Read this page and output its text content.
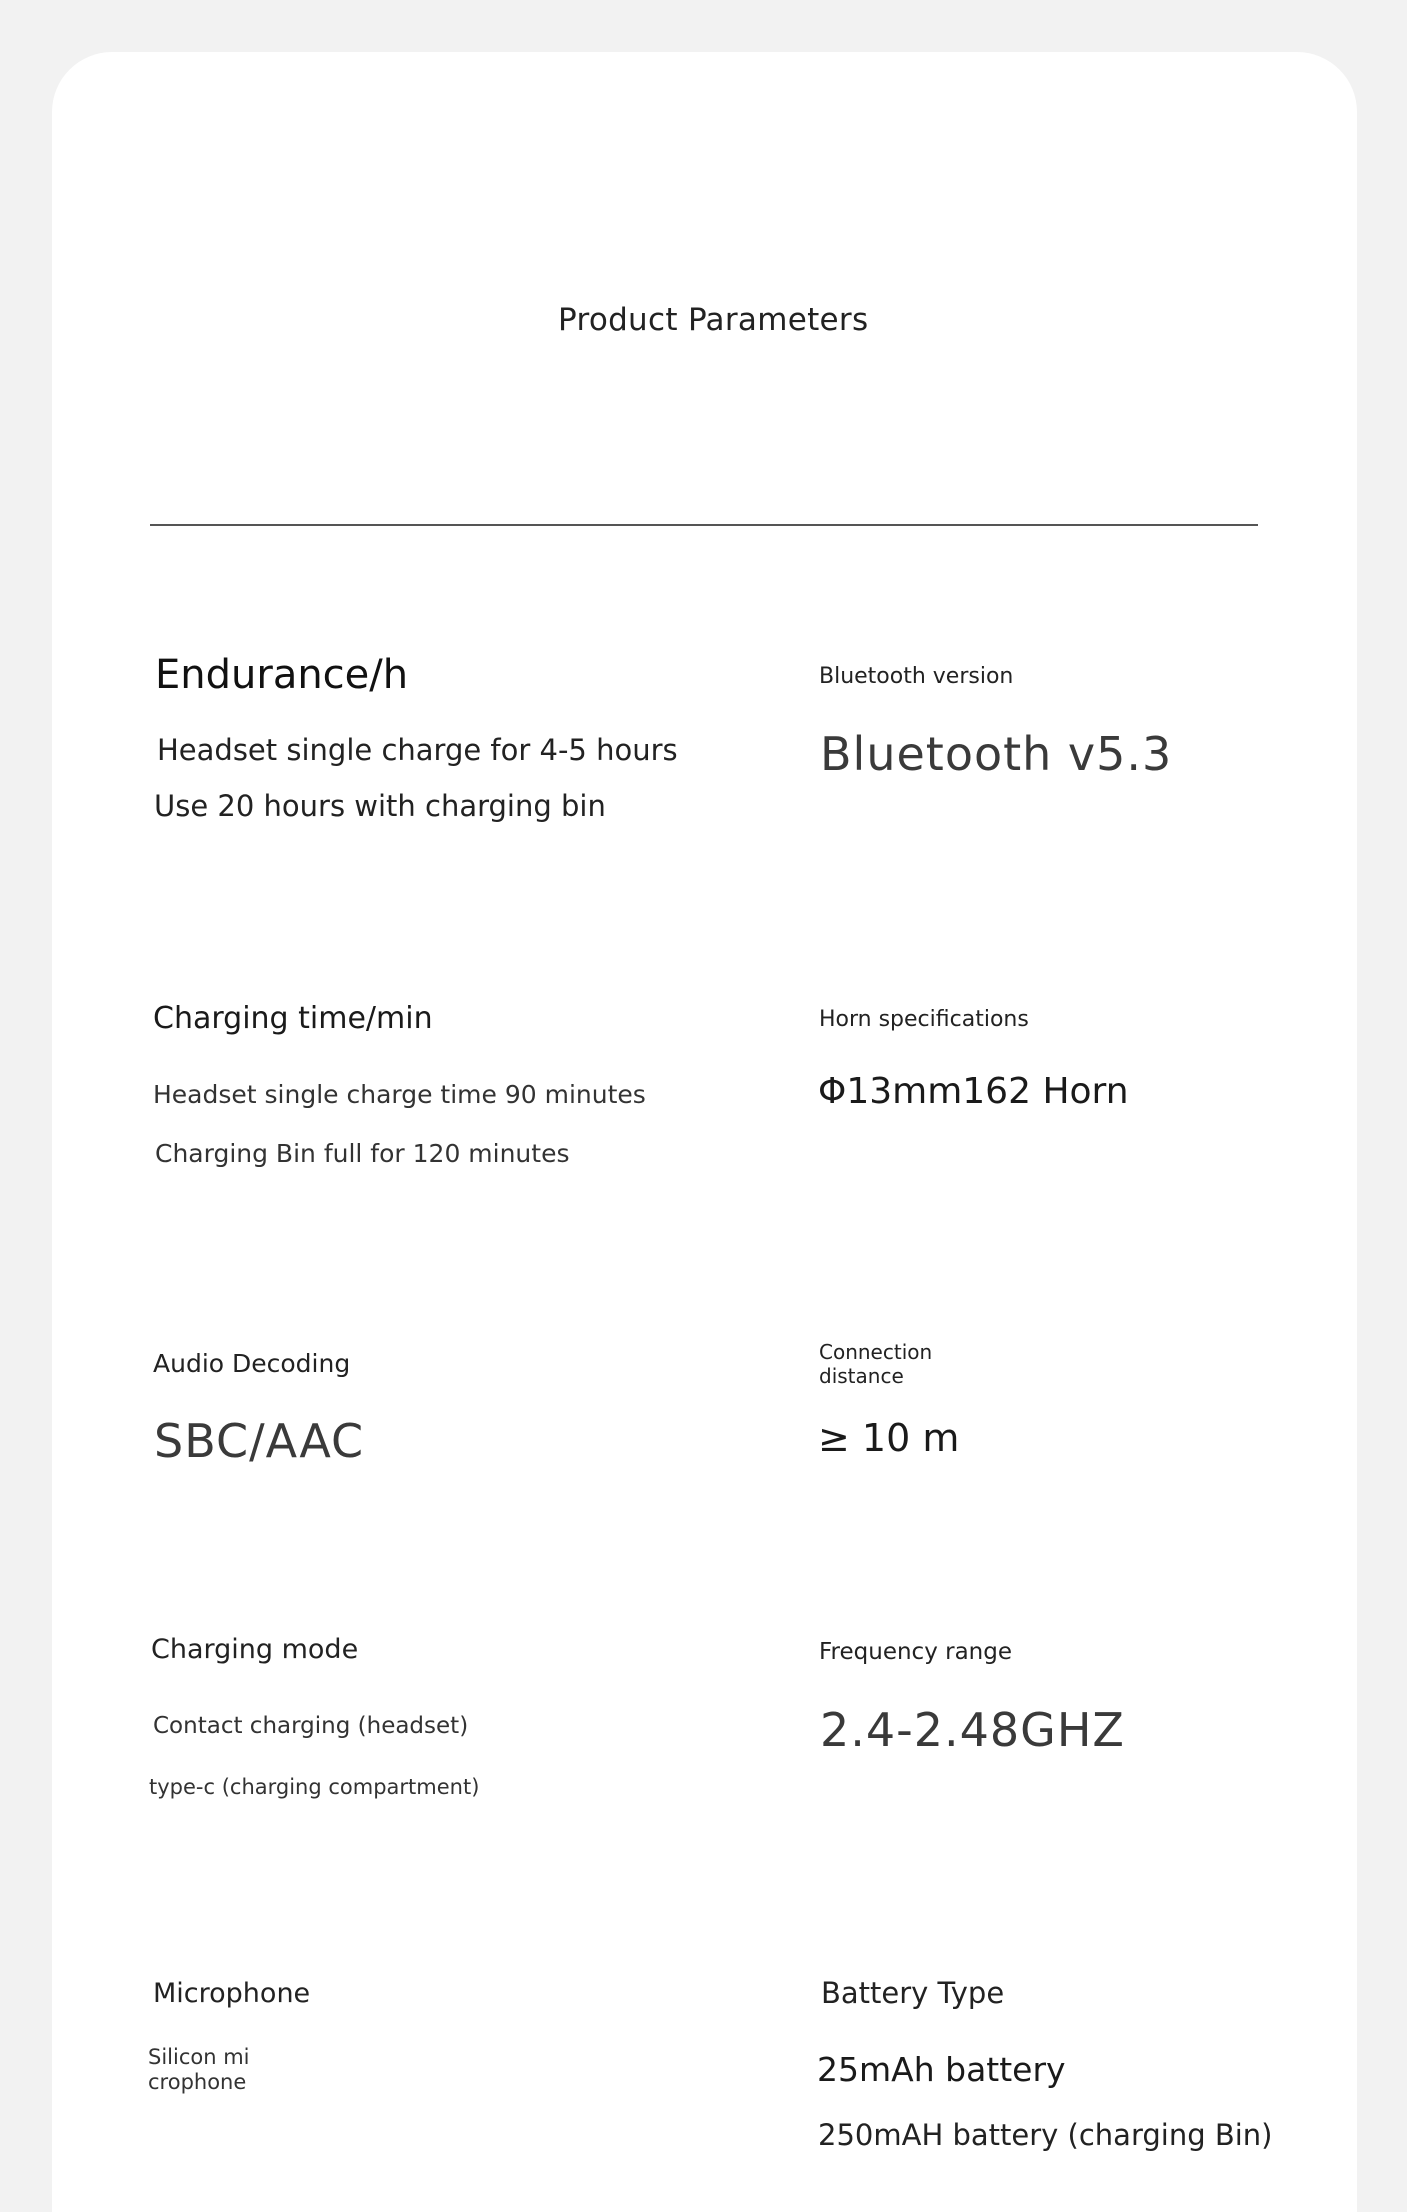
Product Parameters
Endurance/h
Headset single charge for 4-5 hours
Use 20 hours with charging bin
Bluetooth version
Bluetooth v5.3
Charging time/min
Headset single charge time 90 minutes
Charging Bin full for 120 minutes
Horn specifications
Φ13mm162 Horn
Audio Decoding
SBC/AAC
Connection
distance
≥ 10 m
Charging mode
Contact charging (headset)
type-c (charging compartment)
Frequency range
2.4-2.48GHZ
Microphone
Silicon mi
crophone
Battery Type
25mAh battery
250mAH battery (charging Bin)
